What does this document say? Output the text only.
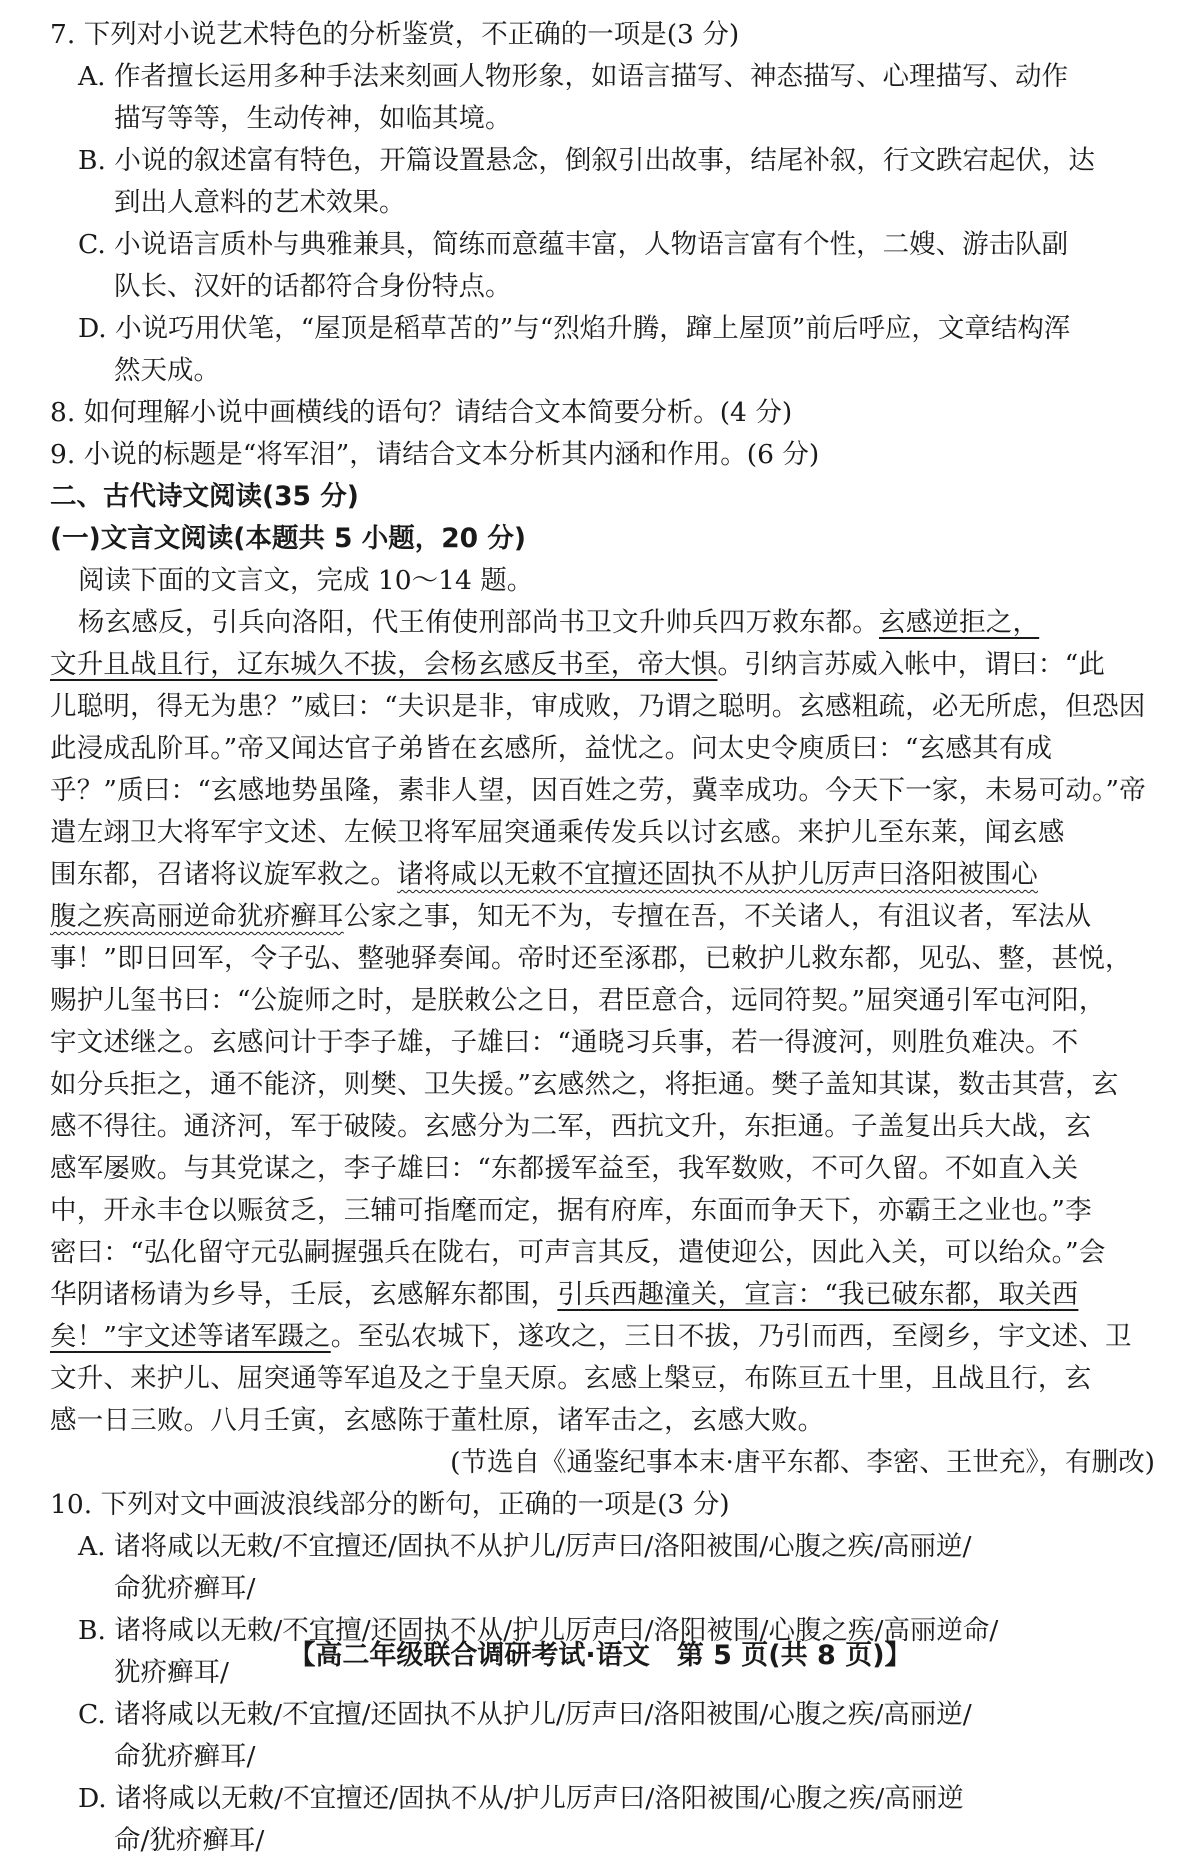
7. 下列对小说艺术特色的分析鉴赏，不正确的一项是(3 分)
A. 作者擅长运用多种手法来刻画人物形象，如语言描写、神态描写、心理描写、动作
描写等等，生动传神，如临其境。
B. 小说的叙述富有特色，开篇设置悬念，倒叙引出故事，结尾补叙，行文跌宕起伏，达
到出人意料的艺术效果。
C. 小说语言质朴与典雅兼具，简练而意蕴丰富，人物语言富有个性，二嫂、游击队副
队长、汉奸的话都符合身份特点。
D. 小说巧用伏笔，“屋顶是稻草苫的”与“烈焰升腾，蹿上屋顶”前后呼应，文章结构浑
然天成。
8. 如何理解小说中画横线的语句？请结合文本简要分析。(4 分)
9. 小说的标题是“将军泪”，请结合文本分析其内涵和作用。(6 分)
二、古代诗文阅读(35 分)
(一)文言文阅读(本题共 5 小题，20 分)
阅读下面的文言文，完成 10～14 题。
杨玄感反，引兵向洛阳，代王侑使刑部尚书卫文升帅兵四万救东都。玄感逆拒之，
文升且战且行，辽东城久不拔，会杨玄感反书至，帝大惧。引纳言苏威入帐中，谓曰：“此
儿聪明，得无为患？”威曰：“夫识是非，审成败，乃谓之聪明。玄感粗疏，必无所虑，但恐因
此浸成乱阶耳。”帝又闻达官子弟皆在玄感所，益忧之。问太史令庾质曰：“玄感其有成
乎？”质曰：“玄感地势虽隆，素非人望，因百姓之劳，冀幸成功。今天下一家，未易可动。”帝
遣左翊卫大将军宇文述、左候卫将军屈突通乘传发兵以讨玄感。来护儿至东莱，闻玄感
围东都，召诸将议旋军救之。诸将咸以无敕不宜擅还固执不从护儿厉声曰洛阳被围心
腹之疾高丽逆命犹疥癣耳公家之事，知无不为，专擅在吾，不关诸人，有沮议者，军法从
事！”即日回军，令子弘、整驰驿奏闻。帝时还至涿郡，已敕护儿救东都，见弘、整，甚悦，
赐护儿玺书曰：“公旋师之时，是朕敕公之日，君臣意合，远同符契。”屈突通引军屯河阳，
宇文述继之。玄感问计于李子雄，子雄曰：“通晓习兵事，若一得渡河，则胜负难决。不
如分兵拒之，通不能济，则樊、卫失援。”玄感然之，将拒通。樊子盖知其谋，数击其营，玄
感不得往。通济河，军于破陵。玄感分为二军，西抗文升，东拒通。子盖复出兵大战，玄
感军屡败。与其党谋之，李子雄曰：“东都援军益至，我军数败，不可久留。不如直入关
中，开永丰仓以赈贫乏，三辅可指麾而定，据有府库，东面而争天下，亦霸王之业也。”李
密曰：“弘化留守元弘嗣握强兵在陇右，可声言其反，遣使迎公，因此入关，可以绐众。”会
华阴诸杨请为乡导，壬辰，玄感解东都围，引兵西趣潼关，宣言：“我已破东都，取关西
矣！”宇文述等诸军蹑之。至弘农城下，遂攻之，三日不拔，乃引而西，至阌乡，宇文述、卫
文升、来护儿、屈突通等军追及之于皇天原。玄感上槃豆，布陈亘五十里，且战且行，玄
感一日三败。八月壬寅，玄感陈于董杜原，诸军击之，玄感大败。
(节选自《通鉴纪事本末·唐平东都、李密、王世充》，有删改)
10. 下列对文中画波浪线部分的断句，正确的一项是(3 分)
A. 诸将咸以无敕/不宜擅还/固执不从护儿/厉声曰/洛阳被围/心腹之疾/高丽逆/
命犹疥癣耳/
B. 诸将咸以无敕/不宜擅/还固执不从/护儿厉声曰/洛阳被围/心腹之疾/高丽逆命/
犹疥癣耳/
C. 诸将咸以无敕/不宜擅/还固执不从护儿/厉声曰/洛阳被围/心腹之疾/高丽逆/
命犹疥癣耳/
D. 诸将咸以无敕/不宜擅还/固执不从/护儿厉声曰/洛阳被围/心腹之疾/高丽逆
命/犹疥癣耳/
【高二年级联合调研考试·语文　第 5 页(共 8 页)】
